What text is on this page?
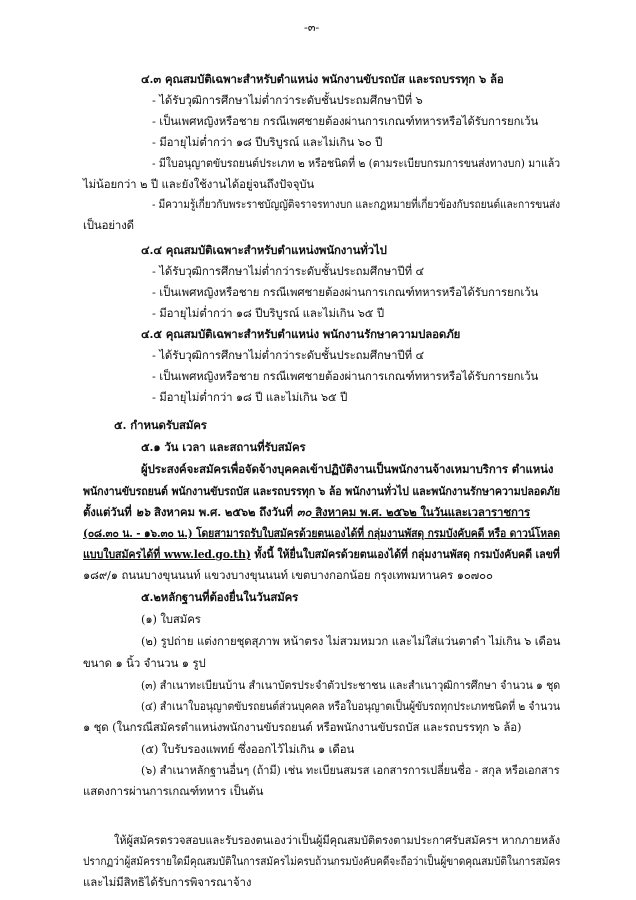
-๓-
๔.๓ คุณสมบัติเฉพาะสำหรับตำแหน่ง พนักงานขับรถบัส และรถบรรทุก ๖ ล้อ
- ได้รับวุฒิการศึกษาไม่ต่ำกว่าระดับชั้นประถมศึกษาปีที่ ๖
- เป็นเพศหญิงหรือชาย กรณีเพศชายต้องผ่านการเกณฑ์ทหารหรือได้รับการยกเว้น
- มีอายุไม่ต่ำกว่า ๑๘ ปีบริบูรณ์ และไม่เกิน ๖๐ ปี
- มีใบอนุญาตขับรถยนต์ประเภท ๒ หรือชนิดที่ ๒ (ตามระเบียบกรมการขนส่งทางบก) มาแล้ว
ไม่น้อยกว่า ๒ ปี และยังใช้งานได้อยู่จนถึงปัจจุบัน
- มีความรู้เกี่ยวกับพระราชบัญญัติจราจรทางบก และกฎหมายที่เกี่ยวข้องกับรถยนต์และการขนส่ง
เป็นอย่างดี
๔.๔ คุณสมบัติเฉพาะสำหรับตำแหน่งพนักงานทั่วไป
- ได้รับวุฒิการศึกษาไม่ต่ำกว่าระดับชั้นประถมศึกษาปีที่ ๔
- เป็นเพศหญิงหรือชาย กรณีเพศชายต้องผ่านการเกณฑ์ทหารหรือได้รับการยกเว้น
- มีอายุไม่ต่ำกว่า ๑๘ ปีบริบูรณ์ และไม่เกิน ๖๕ ปี
๔.๕ คุณสมบัติเฉพาะสำหรับตำแหน่ง พนักงานรักษาความปลอดภัย
- ได้รับวุฒิการศึกษาไม่ต่ำกว่าระดับชั้นประถมศึกษาปีที่ ๔
- เป็นเพศหญิงหรือชาย กรณีเพศชายต้องผ่านการเกณฑ์ทหารหรือได้รับการยกเว้น
- มีอายุไม่ต่ำกว่า ๑๘ ปี และไม่เกิน ๖๕ ปี
๕. กำหนดรับสมัคร
๕.๑ วัน เวลา และสถานที่รับสมัคร
ผู้ประสงค์จะสมัครเพื่อจัดจ้างบุคคลเข้าปฏิบัติงานเป็นพนักงานจ้างเหมาบริการ ตำแหน่ง
พนักงานขับรถยนต์ พนักงานขับรถบัส และรถบรรทุก ๖ ล้อ พนักงานทั่วไป และพนักงานรักษาความปลอดภัย
ตั้งแต่วันที่ ๒๖ สิงหาคม พ.ศ. ๒๕๖๒ ถึงวันที่ ๓๐ สิงหาคม พ.ศ. ๒๕๖๒ ในวันและเวลาราชการ
(๐๘.๓๐ น. - ๑๖.๓๐ น.) โดยสามารถรับใบสมัครด้วยตนเองได้ที่ กลุ่มงานพัสดุ กรมบังคับคดี หรือ ดาวน์โหลด
แบบใบสมัครได้ที่ www.led.go.th) ทั้งนี้ ให้ยื่นใบสมัครด้วยตนเองได้ที่ กลุ่มงานพัสดุ กรมบังคับคดี เลขที่
๑๘๙/๑ ถนนบางขุนนนท์ แขวงบางขุนนนท์ เขตบางกอกน้อย กรุงเทพมหานคร ๑๐๗๐๐
๕.๒หลักฐานที่ต้องยื่นในวันสมัคร
(๑) ใบสมัคร
(๒) รูปถ่าย แต่งกายชุดสุภาพ หน้าตรง ไม่สวมหมวก และไม่ใส่แว่นตาดำ ไม่เกิน ๖ เดือน
ขนาด ๑ นิ้ว จำนวน ๑ รูป
(๓) สำเนาทะเบียนบ้าน สำเนาบัตรประจำตัวประชาชน และสำเนาวุฒิการศึกษา จำนวน ๑ ชุด
(๔) สำเนาใบอนุญาตขับรถยนต์ส่วนบุคคล หรือใบอนุญาตเป็นผู้ขับรถทุกประเภทชนิดที่ ๒ จำนวน
๑ ชุด (ในกรณีสมัครตำแหน่งพนักงานขับรถยนต์ หรือพนักงานขับรถบัส และรถบรรทุก ๖ ล้อ)
(๕) ใบรับรองแพทย์ ซึ่งออกไว้ไม่เกิน ๑ เดือน
(๖) สำเนาหลักฐานอื่นๆ (ถ้ามี) เช่น ทะเบียนสมรส เอกสารการเปลี่ยนชื่อ - สกุล หรือเอกสาร
แสดงการผ่านการเกณฑ์ทหาร เป็นต้น
ให้ผู้สมัครตรวจสอบและรับรองตนเองว่าเป็นผู้มีคุณสมบัติตรงตามประกาศรับสมัครฯ หากภายหลัง
ปรากฏว่าผู้สมัครรายใดมีคุณสมบัติในการสมัครไม่ครบถ้วนกรมบังคับคดีจะถือว่าเป็นผู้ขาดคุณสมบัติในการสมัคร
และไม่มีสิทธิได้รับการพิจารณาจ้าง
